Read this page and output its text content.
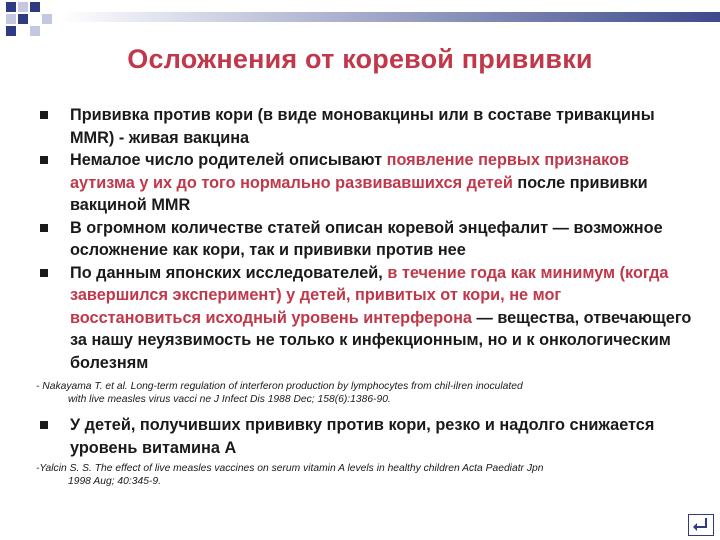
Осложнения от коревой прививки
Прививка против кори (в виде моновакцины или в составе тривакцины MMR) - живая вакцина
Немалое число родителей описывают появление первых признаков аутизма у их до того нормально развивавшихся детей после прививки вакциной MMR
В огромном количестве статей описан коревой энцефалит — возможное осложнение как кори, так и прививки против нее
По данным японских исследователей, в течение года как минимум (когда завершился эксперимент) у детей, привитых от кори, не мог восстановиться исходный уровень интерферона — вещества, отвечающего за нашу неуязвимость не только к инфекционным, но и к онкологическим болезням
- Nakayama T. et al. Long-term regulation of interferon production by lymphocytes from chil-ilren inoculated
with live measles virus vacci ne J Infect Dis 1988 Dec; 158(6):1386-90.
У детей, получивших прививку против кори, резко и надолго снижается уровень витамина А
-Yalcin S. S. The effect of live measles vaccines on serum vitamin A levels in healthy children Acta Paediatr Jpn
1998 Aug; 40:345-9.
